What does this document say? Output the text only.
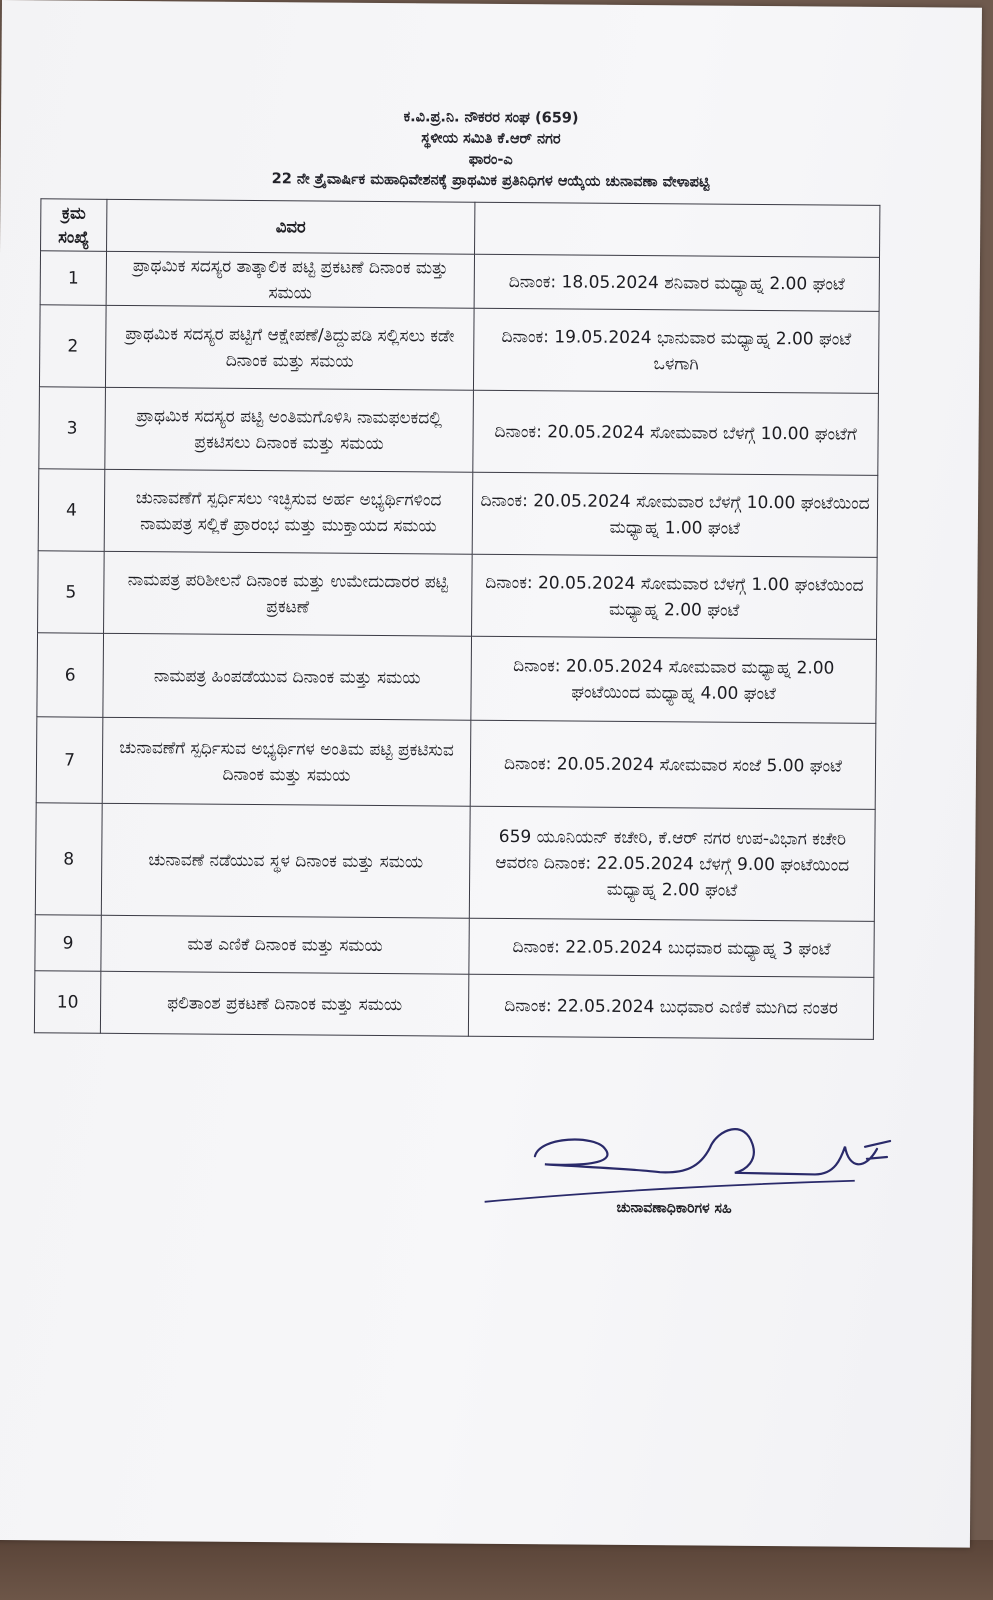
ಕ.ವಿ.ಪ್ರ.ನಿ. ನೌಕರರ ಸಂಘ (659)
ಸ್ಥಳೀಯ ಸಮಿತಿ ಕೆ.ಆರ್ ನಗರ
ಫಾರಂ-ಎ
22 ನೇ ತ್ರೈವಾರ್ಷಿಕ ಮಹಾಧಿವೇಶನಕ್ಕೆ ಪ್ರಾಥಮಿಕ ಪ್ರತಿನಿಧಿಗಳ ಆಯ್ಕೆಯ ಚುನಾವಣಾ ವೇಳಾಪಟ್ಟಿ
ಕ್ರಮ ಸಂಖ್ಯೆ	ವಿವರ	
1	ಪ್ರಾಥಮಿಕ ಸದಸ್ಯರ ತಾತ್ಕಾಲಿಕ ಪಟ್ಟಿ ಪ್ರಕಟಣೆ ದಿನಾಂಕ ಮತ್ತು ಸಮಯ	ದಿನಾಂಕ: 18.05.2024 ಶನಿವಾರ ಮಧ್ಯಾಹ್ನ 2.00 ಘಂಟೆ
2	ಪ್ರಾಥಮಿಕ ಸದಸ್ಯರ ಪಟ್ಟಿಗೆ ಆಕ್ಷೇಪಣೆ/ತಿದ್ದುಪಡಿ ಸಲ್ಲಿಸಲು ಕಡೇ ದಿನಾಂಕ ಮತ್ತು ಸಮಯ	ದಿನಾಂಕ: 19.05.2024 ಭಾನುವಾರ ಮಧ್ಯಾಹ್ನ 2.00 ಘಂಟೆ ಒಳಗಾಗಿ
3	ಪ್ರಾಥಮಿಕ ಸದಸ್ಯರ ಪಟ್ಟಿ ಅಂತಿಮಗೊಳಿಸಿ ನಾಮಫಲಕದಲ್ಲಿ ಪ್ರಕಟಿಸಲು ದಿನಾಂಕ ಮತ್ತು ಸಮಯ	ದಿನಾಂಕ: 20.05.2024 ಸೋಮವಾರ ಬೆಳಗ್ಗೆ 10.00 ಘಂಟೆಗೆ
4	ಚುನಾವಣೆಗೆ ಸ್ಪರ್ಧಿಸಲು ಇಚ್ಛಿಸುವ ಅರ್ಹ ಅಭ್ಯರ್ಥಿಗಳಿಂದ ನಾಮಪತ್ರ ಸಲ್ಲಿಕೆ ಪ್ರಾರಂಭ ಮತ್ತು ಮುಕ್ತಾಯದ ಸಮಯ	ದಿನಾಂಕ: 20.05.2024 ಸೋಮವಾರ ಬೆಳಗ್ಗೆ 10.00 ಘಂಟೆಯಿಂದ ಮಧ್ಯಾಹ್ನ 1.00 ಘಂಟೆ
5	ನಾಮಪತ್ರ ಪರಿಶೀಲನೆ ದಿನಾಂಕ ಮತ್ತು ಉಮೇದುದಾರರ ಪಟ್ಟಿ ಪ್ರಕಟಣೆ	ದಿನಾಂಕ: 20.05.2024 ಸೋಮವಾರ ಬೆಳಗ್ಗೆ 1.00 ಘಂಟೆಯಿಂದ ಮಧ್ಯಾಹ್ನ 2.00 ಘಂಟೆ
6	ನಾಮಪತ್ರ ಹಿಂಪಡೆಯುವ ದಿನಾಂಕ ಮತ್ತು ಸಮಯ	ದಿನಾಂಕ: 20.05.2024 ಸೋಮವಾರ ಮಧ್ಯಾಹ್ನ 2.00 ಘಂಟೆಯಿಂದ ಮಧ್ಯಾಹ್ನ 4.00 ಘಂಟೆ
7	ಚುನಾವಣೆಗೆ ಸ್ಪರ್ಧಿಸುವ ಅಭ್ಯರ್ಥಿಗಳ ಅಂತಿಮ ಪಟ್ಟಿ ಪ್ರಕಟಿಸುವ ದಿನಾಂಕ ಮತ್ತು ಸಮಯ	ದಿನಾಂಕ: 20.05.2024 ಸೋಮವಾರ ಸಂಜೆ 5.00 ಘಂಟೆ
8	ಚುನಾವಣೆ ನಡೆಯುವ ಸ್ಥಳ ದಿನಾಂಕ ಮತ್ತು ಸಮಯ	659 ಯೂನಿಯನ್ ಕಚೇರಿ, ಕೆ.ಆರ್ ನಗರ ಉಪ-ವಿಭಾಗ ಕಚೇರಿ ಆವರಣ ದಿನಾಂಕ: 22.05.2024 ಬೆಳಗ್ಗೆ 9.00 ಘಂಟೆಯಿಂದ ಮಧ್ಯಾಹ್ನ 2.00 ಘಂಟೆ
9	ಮತ ಎಣಿಕೆ ದಿನಾಂಕ ಮತ್ತು ಸಮಯ	ದಿನಾಂಕ: 22.05.2024 ಬುಧವಾರ ಮಧ್ಯಾಹ್ನ 3 ಘಂಟೆ
10	ಫಲಿತಾಂಶ ಪ್ರಕಟಣೆ ದಿನಾಂಕ ಮತ್ತು ಸಮಯ	ದಿನಾಂಕ: 22.05.2024 ಬುಧವಾರ ಎಣಿಕೆ ಮುಗಿದ ನಂತರ
ಚುನಾವಣಾಧಿಕಾರಿಗಳ ಸಹಿ
